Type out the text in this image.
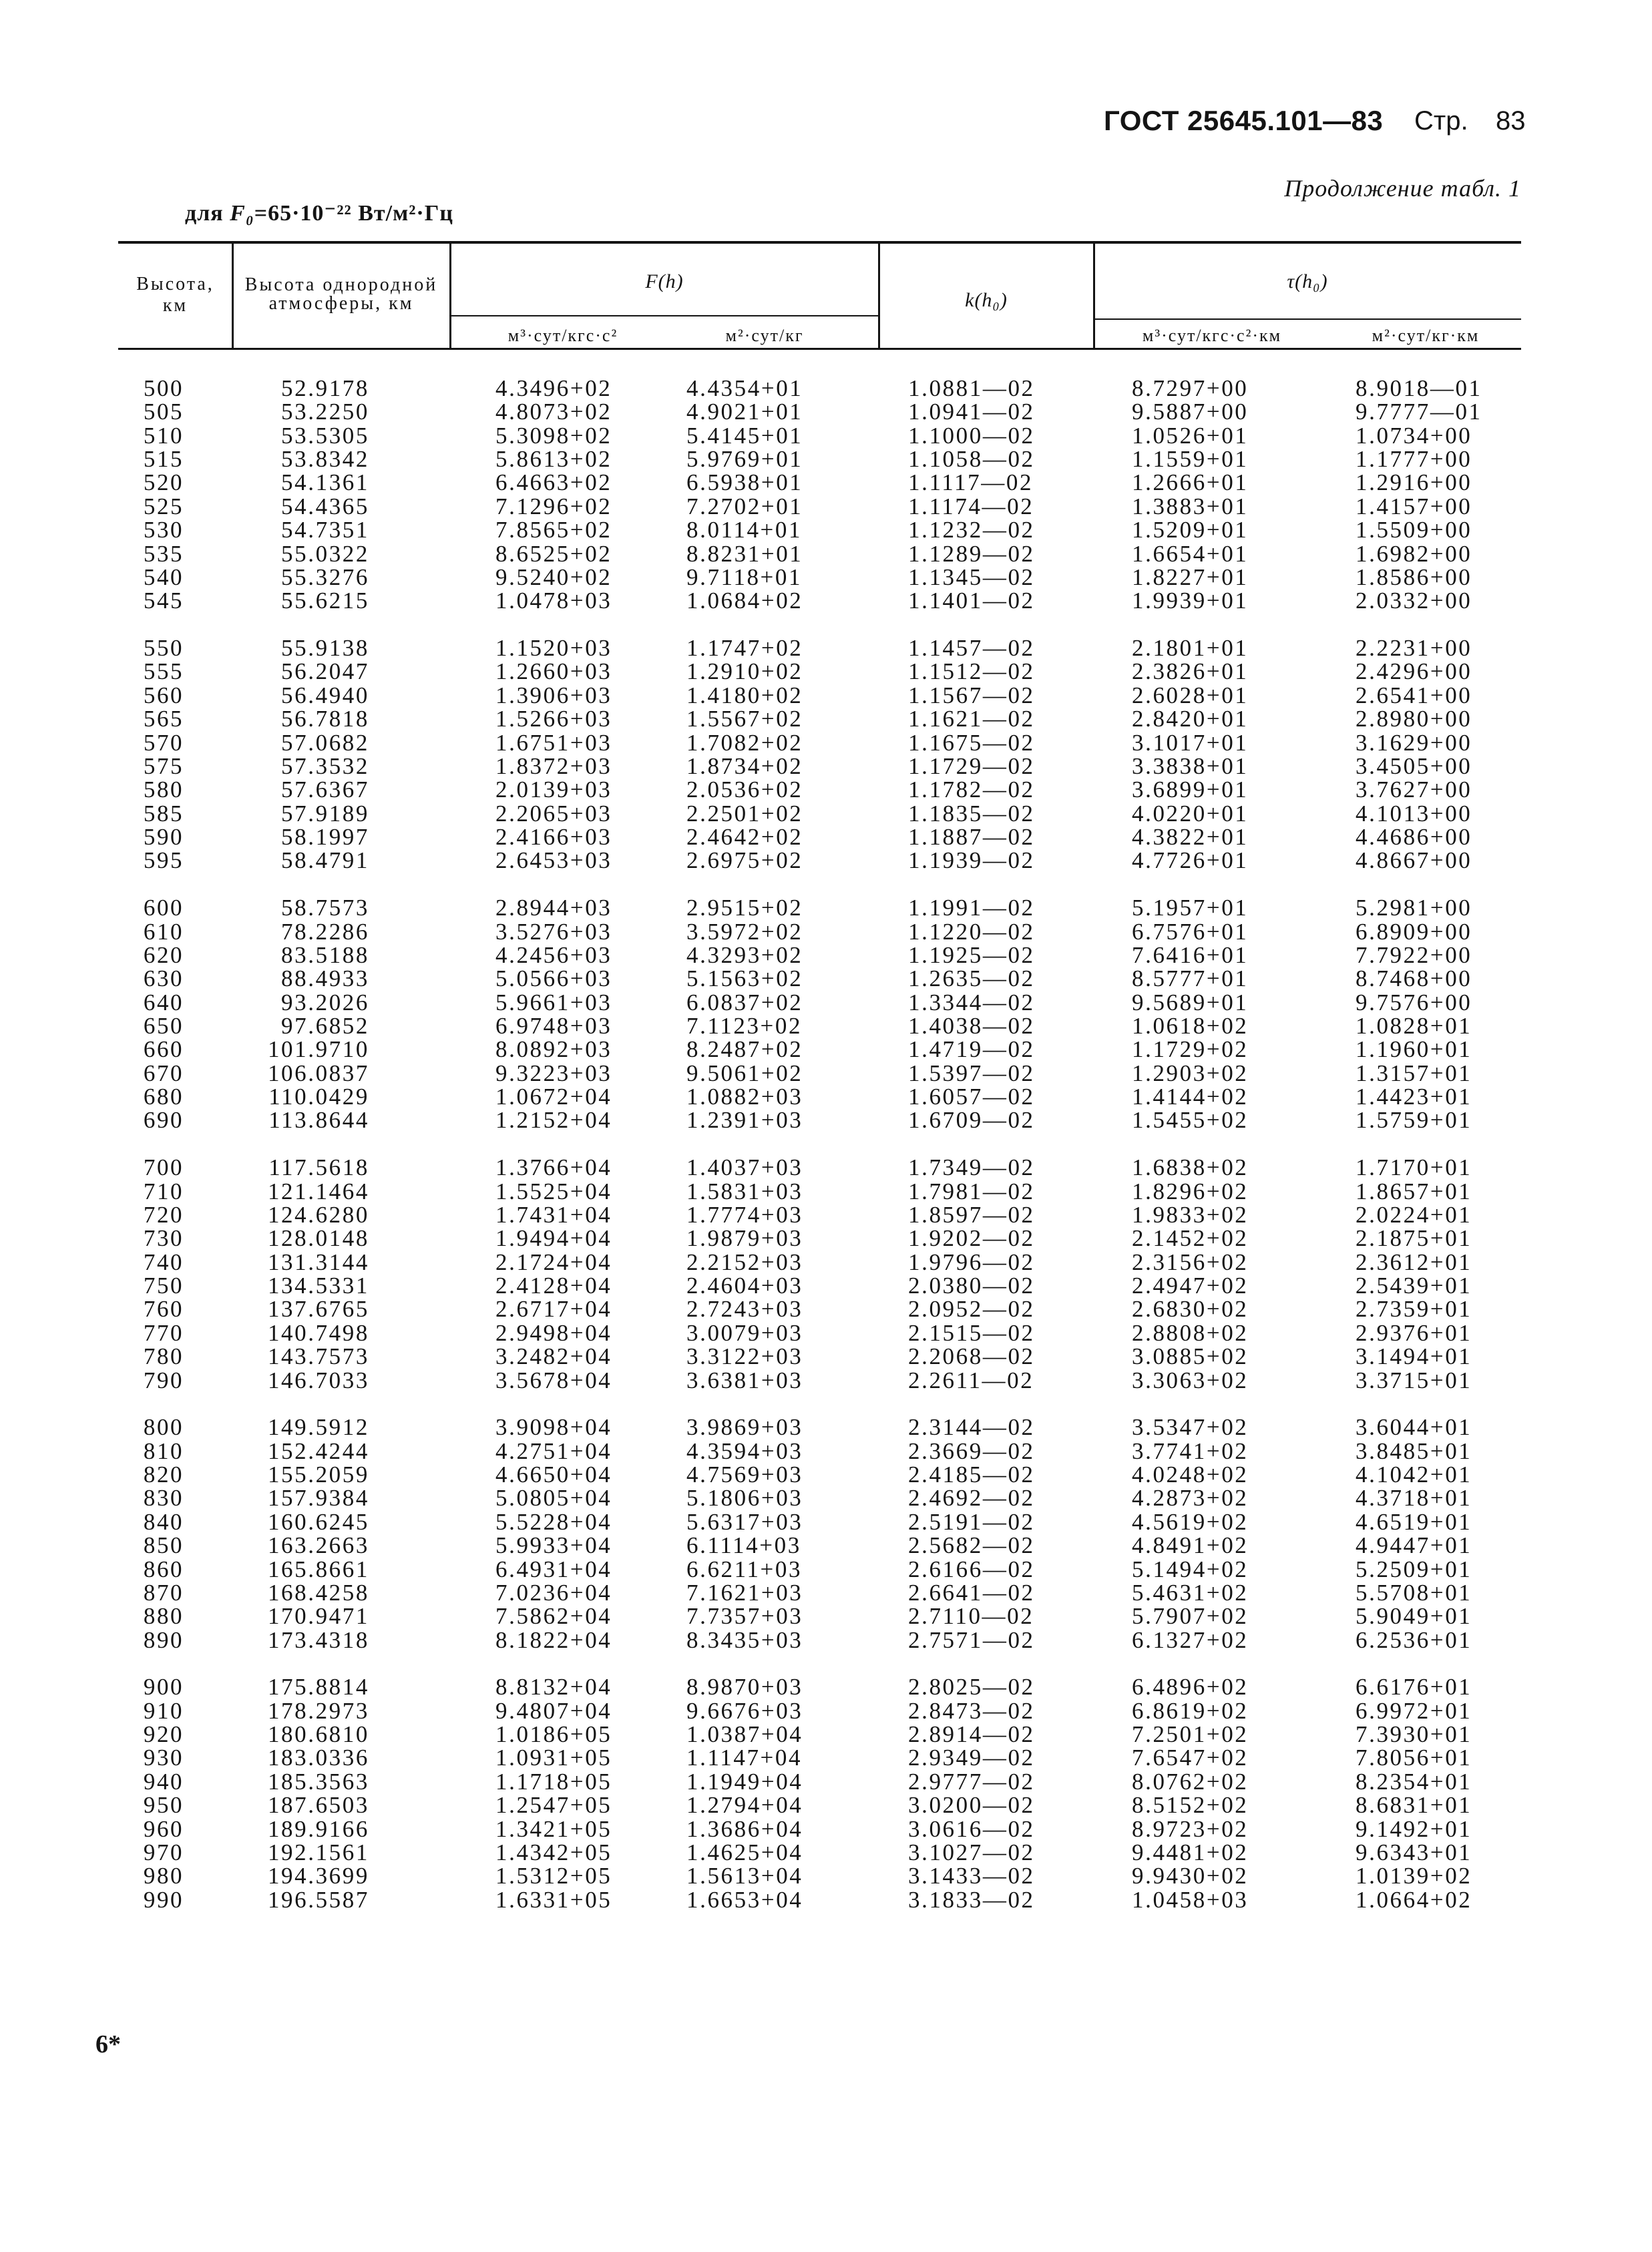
ГОСТ 25645.101—83 Стр. 83
Продолжение табл. 1
для F₀=65·10⁻²² Вт/м²·Гц
Высота,
км
Высота однородной
атмосферы, км
F(h)
м³·сут/кгс·с²	м²·сут/кг
k(h₀)
τ(h₀)
м³·сут/кгс·с²·км	м²·сут/кг·км
500	52.9178	4.3496+02	4.4354+01	1.0881—02	8.7297+00	8.9018—01
505	53.2250	4.8073+02	4.9021+01	1.0941—02	9.5887+00	9.7777—01
510	53.5305	5.3098+02	5.4145+01	1.1000—02	1.0526+01	1.0734+00
515	53.8342	5.8613+02	5.9769+01	1.1058—02	1.1559+01	1.1777+00
520	54.1361	6.4663+02	6.5938+01	1.1117—02	1.2666+01	1.2916+00
525	54.4365	7.1296+02	7.2702+01	1.1174—02	1.3883+01	1.4157+00
530	54.7351	7.8565+02	8.0114+01	1.1232—02	1.5209+01	1.5509+00
535	55.0322	8.6525+02	8.8231+01	1.1289—02	1.6654+01	1.6982+00
540	55.3276	9.5240+02	9.7118+01	1.1345—02	1.8227+01	1.8586+00
545	55.6215	1.0478+03	1.0684+02	1.1401—02	1.9939+01	2.0332+00
550	55.9138	1.1520+03	1.1747+02	1.1457—02	2.1801+01	2.2231+00
555	56.2047	1.2660+03	1.2910+02	1.1512—02	2.3826+01	2.4296+00
560	56.4940	1.3906+03	1.4180+02	1.1567—02	2.6028+01	2.6541+00
565	56.7818	1.5266+03	1.5567+02	1.1621—02	2.8420+01	2.8980+00
570	57.0682	1.6751+03	1.7082+02	1.1675—02	3.1017+01	3.1629+00
575	57.3532	1.8372+03	1.8734+02	1.1729—02	3.3838+01	3.4505+00
580	57.6367	2.0139+03	2.0536+02	1.1782—02	3.6899+01	3.7627+00
585	57.9189	2.2065+03	2.2501+02	1.1835—02	4.0220+01	4.1013+00
590	58.1997	2.4166+03	2.4642+02	1.1887—02	4.3822+01	4.4686+00
595	58.4791	2.6453+03	2.6975+02	1.1939—02	4.7726+01	4.8667+00
600	58.7573	2.8944+03	2.9515+02	1.1991—02	5.1957+01	5.2981+00
610	78.2286	3.5276+03	3.5972+02	1.1220—02	6.7576+01	6.8909+00
620	83.5188	4.2456+03	4.3293+02	1.1925—02	7.6416+01	7.7922+00
630	88.4933	5.0566+03	5.1563+02	1.2635—02	8.5777+01	8.7468+00
640	93.2026	5.9661+03	6.0837+02	1.3344—02	9.5689+01	9.7576+00
650	97.6852	6.9748+03	7.1123+02	1.4038—02	1.0618+02	1.0828+01
660	101.9710	8.0892+03	8.2487+02	1.4719—02	1.1729+02	1.1960+01
670	106.0837	9.3223+03	9.5061+02	1.5397—02	1.2903+02	1.3157+01
680	110.0429	1.0672+04	1.0882+03	1.6057—02	1.4144+02	1.4423+01
690	113.8644	1.2152+04	1.2391+03	1.6709—02	1.5455+02	1.5759+01
700	117.5618	1.3766+04	1.4037+03	1.7349—02	1.6838+02	1.7170+01
710	121.1464	1.5525+04	1.5831+03	1.7981—02	1.8296+02	1.8657+01
720	124.6280	1.7431+04	1.7774+03	1.8597—02	1.9833+02	2.0224+01
730	128.0148	1.9494+04	1.9879+03	1.9202—02	2.1452+02	2.1875+01
740	131.3144	2.1724+04	2.2152+03	1.9796—02	2.3156+02	2.3612+01
750	134.5331	2.4128+04	2.4604+03	2.0380—02	2.4947+02	2.5439+01
760	137.6765	2.6717+04	2.7243+03	2.0952—02	2.6830+02	2.7359+01
770	140.7498	2.9498+04	3.0079+03	2.1515—02	2.8808+02	2.9376+01
780	143.7573	3.2482+04	3.3122+03	2.2068—02	3.0885+02	3.1494+01
790	146.7033	3.5678+04	3.6381+03	2.2611—02	3.3063+02	3.3715+01
800	149.5912	3.9098+04	3.9869+03	2.3144—02	3.5347+02	3.6044+01
810	152.4244	4.2751+04	4.3594+03	2.3669—02	3.7741+02	3.8485+01
820	155.2059	4.6650+04	4.7569+03	2.4185—02	4.0248+02	4.1042+01
830	157.9384	5.0805+04	5.1806+03	2.4692—02	4.2873+02	4.3718+01
840	160.6245	5.5228+04	5.6317+03	2.5191—02	4.5619+02	4.6519+01
850	163.2663	5.9933+04	6.1114+03	2.5682—02	4.8491+02	4.9447+01
860	165.8661	6.4931+04	6.6211+03	2.6166—02	5.1494+02	5.2509+01
870	168.4258	7.0236+04	7.1621+03	2.6641—02	5.4631+02	5.5708+01
880	170.9471	7.5862+04	7.7357+03	2.7110—02	5.7907+02	5.9049+01
890	173.4318	8.1822+04	8.3435+03	2.7571—02	6.1327+02	6.2536+01
900	175.8814	8.8132+04	8.9870+03	2.8025—02	6.4896+02	6.6176+01
910	178.2973	9.4807+04	9.6676+03	2.8473—02	6.8619+02	6.9972+01
920	180.6810	1.0186+05	1.0387+04	2.8914—02	7.2501+02	7.3930+01
930	183.0336	1.0931+05	1.1147+04	2.9349—02	7.6547+02	7.8056+01
940	185.3563	1.1718+05	1.1949+04	2.9777—02	8.0762+02	8.2354+01
950	187.6503	1.2547+05	1.2794+04	3.0200—02	8.5152+02	8.6831+01
960	189.9166	1.3421+05	1.3686+04	3.0616—02	8.9723+02	9.1492+01
970	192.1561	1.4342+05	1.4625+04	3.1027—02	9.4481+02	9.6343+01
980	194.3699	1.5312+05	1.5613+04	3.1433—02	9.9430+02	1.0139+02
990	196.5587	1.6331+05	1.6653+04	3.1833—02	1.0458+03	1.0664+02
6*
